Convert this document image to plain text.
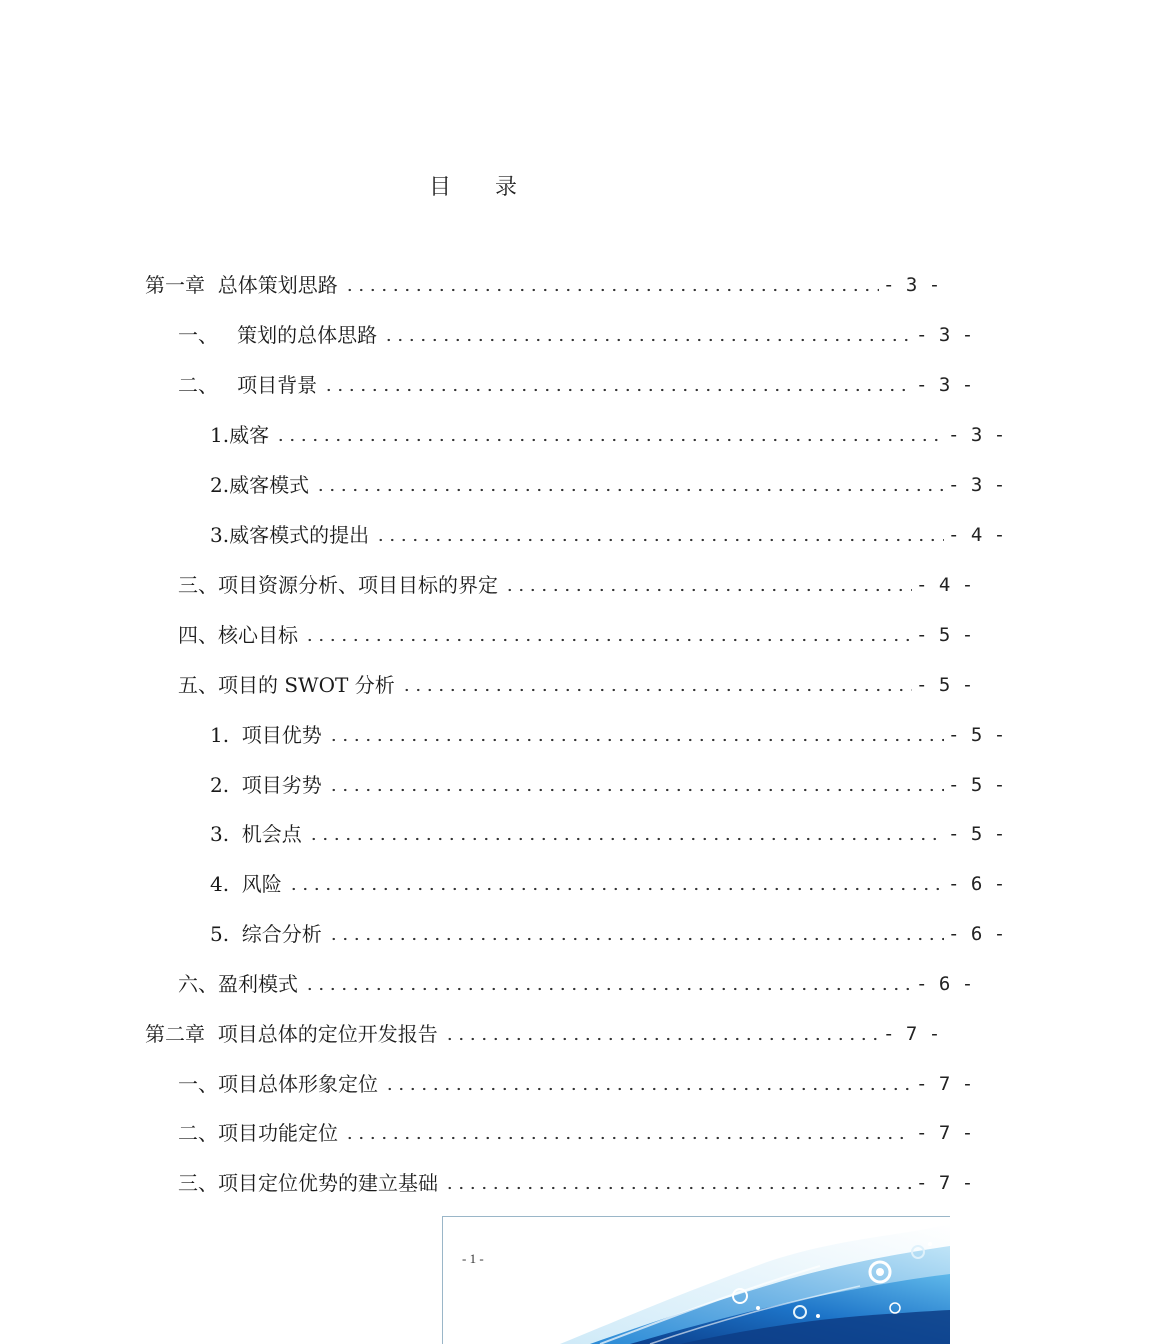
目录
第一章  总体策划思路	- 3 -
一、   策划的总体思路	- 3 -
二、   项目背景	- 3 -
1.威客	- 3 -
2.威客模式	- 3 -
3.威客模式的提出	- 4 -
三、项目资源分析、项目目标的界定	- 4 -
四、核心目标	- 5 -
五、项目的 SWOT 分析	- 5 -
1.  项目优势	- 5 -
2.  项目劣势	- 5 -
3.  机会点	- 5 -
4.  风险	- 6 -
5.  综合分析	- 6 -
六、盈利模式	- 6 -
第二章  项目总体的定位开发报告	- 7 -
一、项目总体形象定位	- 7 -
二、项目功能定位	- 7 -
三、项目定位优势的建立基础	- 7 -
- 1 -
